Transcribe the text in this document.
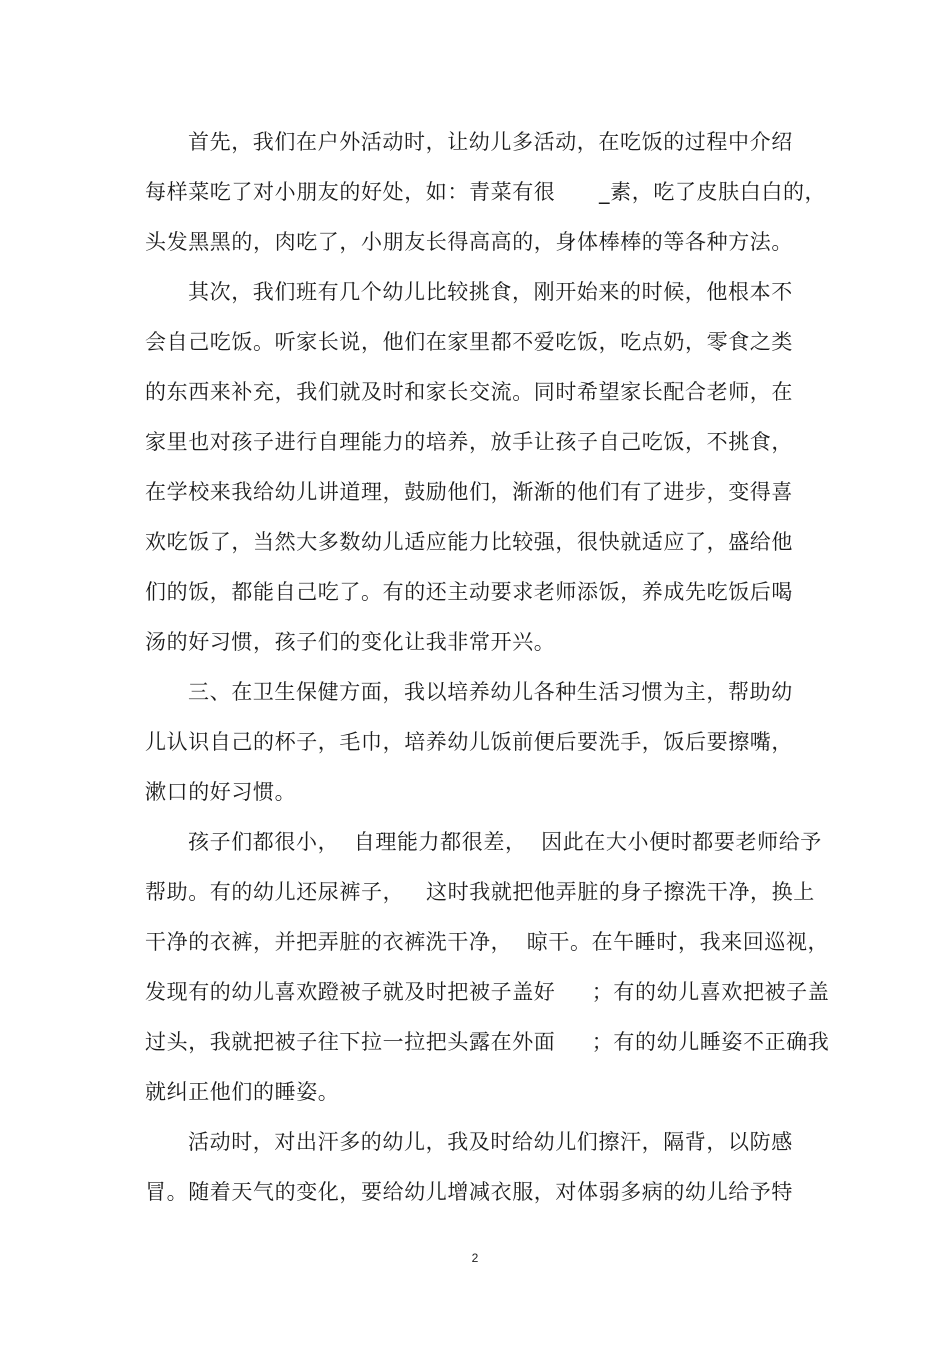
首先，我们在户外活动时，让幼儿多活动，在吃饭的过程中介绍
每样菜吃了对小朋友的好处，如：青菜有很      _素，吃了皮肤白白的，
头发黑黑的，肉吃了，小朋友长得高高的，身体棒棒的等各种方法。
其次，我们班有几个幼儿比较挑食，刚开始来的时候，他根本不
会自己吃饭。听家长说，他们在家里都不爱吃饭，吃点奶，零食之类
的东西来补充，我们就及时和家长交流。同时希望家长配合老师，在
家里也对孩子进行自理能力的培养，放手让孩子自己吃饭，不挑食，
在学校来我给幼儿讲道理，鼓励他们，渐渐的他们有了进步，变得喜
欢吃饭了，当然大多数幼儿适应能力比较强，很快就适应了，盛给他
们的饭，都能自己吃了。有的还主动要求老师添饭，养成先吃饭后喝
汤的好习惯，孩子们的变化让我非常开兴。
三、在卫生保健方面，我以培养幼儿各种生活习惯为主，帮助幼
儿认识自己的杯子，毛巾，培养幼儿饭前便后要洗手，饭后要擦嘴，
漱口的好习惯。
孩子们都很小，  自理能力都很差，  因此在大小便时都要老师给予
帮助。有的幼儿还尿裤子，   这时我就把他弄脏的身子擦洗干净，换上
干净的衣裤，并把弄脏的衣裤洗干净，  晾干。在午睡时，我来回巡视，
发现有的幼儿喜欢蹬被子就及时把被子盖好     ；有的幼儿喜欢把被子盖
过头，我就把被子往下拉一拉把头露在外面     ；有的幼儿睡姿不正确我
就纠正他们的睡姿。
活动时，对出汗多的幼儿，我及时给幼儿们擦汗，隔背，以防感
冒。随着天气的变化，要给幼儿增减衣服，对体弱多病的幼儿给予特
2
